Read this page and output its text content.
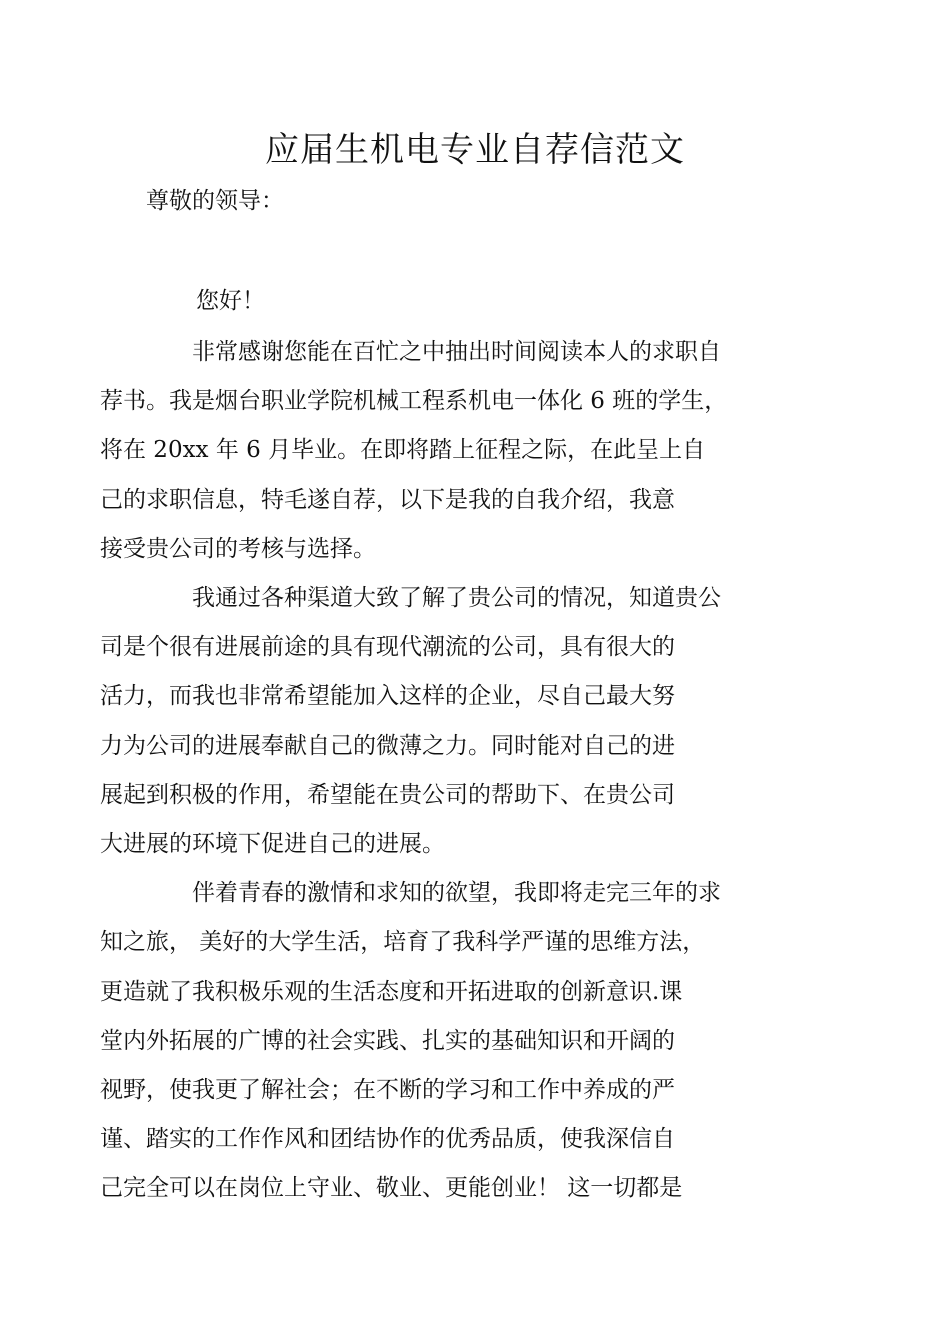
应届生机电专业自荐信范文

尊敬的领导：

您好！

非常感谢您能在百忙之中抽出时间阅读本人的求职自
荐书。我是烟台职业学院机械工程系机电一体化 6 班的学生，
将在 20xx 年 6 月毕业。在即将踏上征程之际，在此呈上自
己的求职信息，特毛遂自荐，以下是我的自我介绍，我意
接受贵公司的考核与选择。
我通过各种渠道大致了解了贵公司的情况，知道贵公
司是个很有进展前途的具有现代潮流的公司，具有很大的
活力，而我也非常希望能加入这样的企业，尽自己最大努
力为公司的进展奉献自己的微薄之力。同时能对自己的进
展起到积极的作用，希望能在贵公司的帮助下、在贵公司
大进展的环境下促进自己的进展。
伴着青春的激情和求知的欲望，我即将走完三年的求
知之旅， 美好的大学生活，培育了我科学严谨的思维方法，
更造就了我积极乐观的生活态度和开拓进取的创新意识.课
堂内外拓展的广博的社会实践、扎实的基础知识和开阔的
视野，使我更了解社会；在不断的学习和工作中养成的严
谨、踏实的工作作风和团结协作的优秀品质，使我深信自
己完全可以在岗位上守业、敬业、更能创业！ 这一切都是
